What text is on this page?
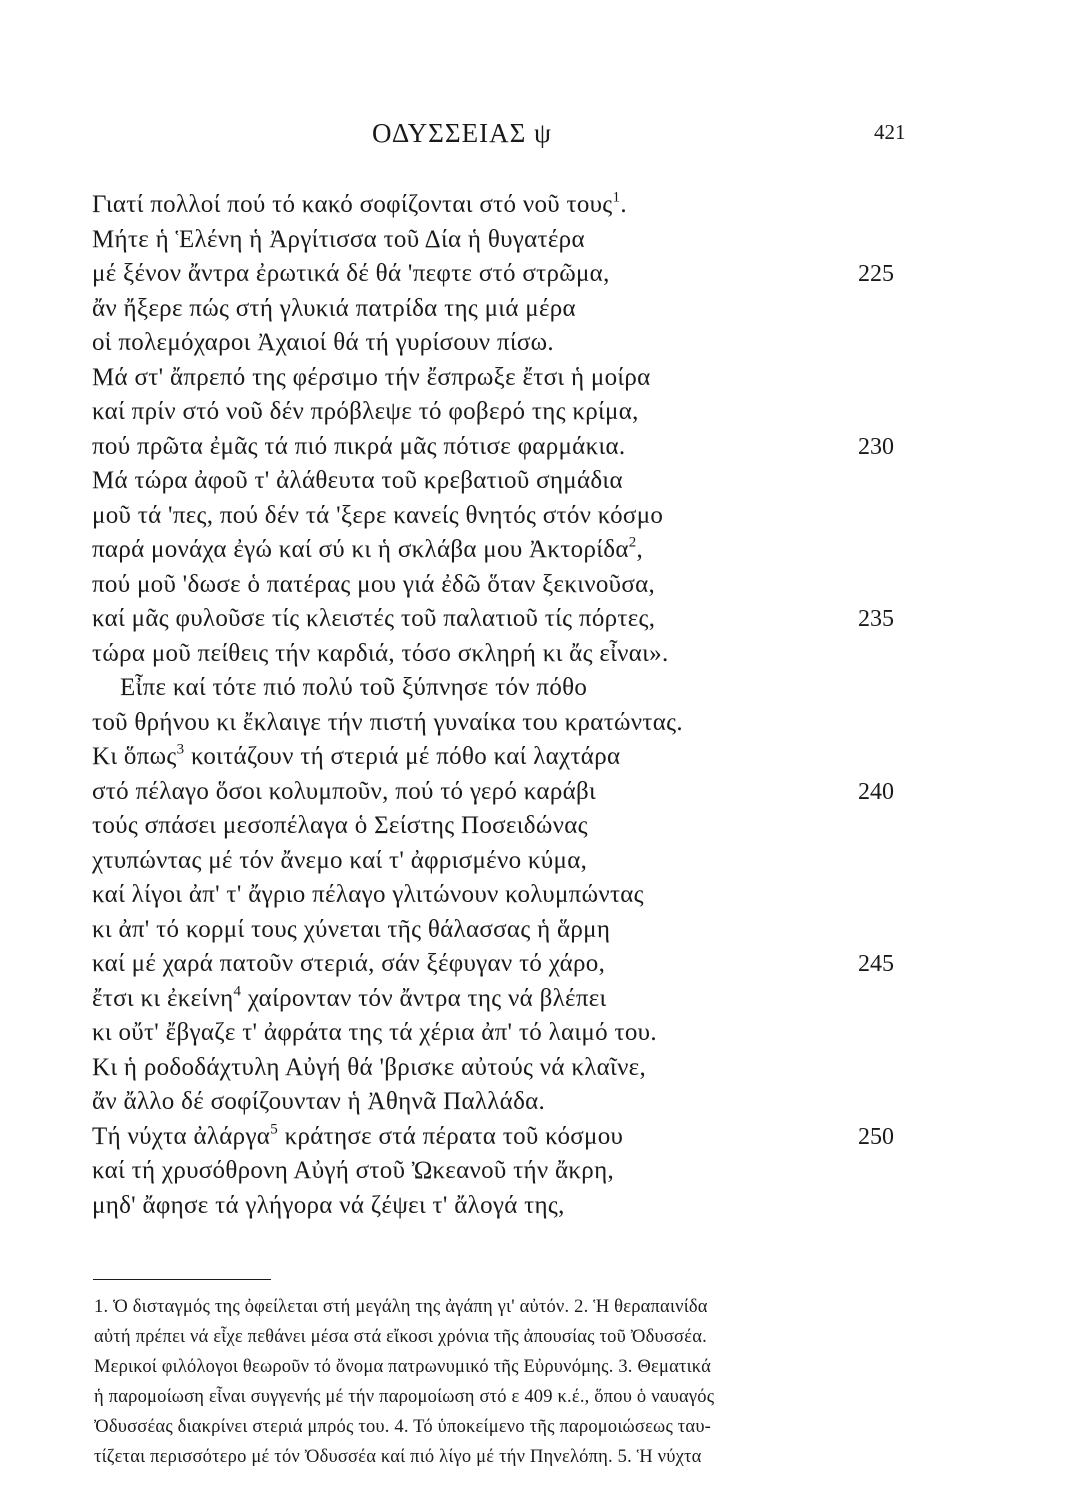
ΟΔΥΣΣΕΙΑΣ ψ	421
Γιατί πολλοί πού τό κακό σοφίζονται στό νοῦ τους$^1$.
Μήτε ἡ Ἑλένη ἡ Ἀργίτισσα τοῦ Δία ἡ θυγατέρα
μέ ξένον ἄντρα ἐρωτικά δέ θά 'πεφτε στό στρῶμα,	225
ἄν ἤξερε πώς στή γλυκιά πατρίδα της μιά μέρα
οἱ πολεμόχαροι Ἀχαιοί θά τή γυρίσουν πίσω.
Μά στ' ἄπρεπό της φέρσιμο τήν ἔσπρωξε ἔτσι ἡ μοίρα
καί πρίν στό νοῦ δέν πρόβλεψε τό φοβερό της κρίμα,
πού πρῶτα ἐμᾶς τά πιό πικρά μᾶς πότισε φαρμάκια.	230
Μά τώρα ἀφοῦ τ' ἀλάθευτα τοῦ κρεβατιοῦ σημάδια
μοῦ τά 'πες, πού δέν τά 'ξερε κανείς θνητός στόν κόσμο
παρά μονάχα ἐγώ καί σύ κι ἡ σκλάβα μου Ἀκτορίδα$^2$,
πού μοῦ 'δωσε ὁ πατέρας μου γιά ἐδῶ ὅταν ξεκινοῦσα,
καί μᾶς φυλοῦσε τίς κλειστές τοῦ παλατιοῦ τίς πόρτες,	235
τώρα μοῦ πείθεις τήν καρδιά, τόσο σκληρή κι ἄς εἶναι».
Εἶπε καί τότε πιό πολύ τοῦ ξύπνησε τόν πόθο
τοῦ θρήνου κι ἔκλαιγε τήν πιστή γυναίκα του κρατώντας.
Κι ὅπως$^3$ κοιτάζουν τή στεριά μέ πόθο καί λαχτάρα
στό πέλαγο ὅσοι κολυμποῦν, πού τό γερό καράβι	240
τούς σπάσει μεσοπέλαγα ὁ Σείστης Ποσειδώνας
χτυπώντας μέ τόν ἄνεμο καί τ' ἀφρισμένο κύμα,
καί λίγοι ἀπ' τ' ἄγριο πέλαγο γλιτώνουν κολυμπώντας
κι ἀπ' τό κορμί τους χύνεται τῆς θάλασσας ἡ ἅρμη
καί μέ χαρά πατοῦν στεριά, σάν ξέφυγαν τό χάρο,	245
ἔτσι κι ἐκείνη$^4$ χαίρονταν τόν ἄντρα της νά βλέπει
κι οὔτ' ἔβγαζε τ' ἀφράτα της τά χέρια ἀπ' τό λαιμό του.
Κι ἡ ροδοδάχτυλη Αὐγή θά 'βρισκε αὐτούς νά κλαῖνε,
ἄν ἄλλο δέ σοφίζουνταν ἡ Ἀθηνᾶ Παλλάδα.
Τή νύχτα ἀλάργα$^5$ κράτησε στά πέρατα τοῦ κόσμου	250
καί τή χρυσόθρονη Αὐγή στοῦ Ὠκεανοῦ τήν ἄκρη,
μηδ' ἄφησε τά γλήγορα νά ζέψει τ' ἄλογά της,
1. Ὁ δισταγμός της ὀφείλεται στή μεγάλη της ἀγάπη γι' αὐτόν. 2. Ἡ θεραπαινίδα
αὐτή πρέπει νά εἶχε πεθάνει μέσα στά εἴκοσι χρόνια τῆς ἀπουσίας τοῦ Ὀδυσσέα.
Μερικοί φιλόλογοι θεωροῦν τό ὄνομα πατρωνυμικό τῆς Εὐρυνόμης. 3. Θεματικά
ἡ παρομοίωση εἶναι συγγενής μέ τήν παρομοίωση στό ε 409 κ.έ., ὅπου ὁ ναυαγός
Ὀδυσσέας διακρίνει στεριά μπρός του. 4. Τό ὑποκείμενο τῆς παρομοιώσεως ταυ-
τίζεται περισσότερο μέ τόν Ὀδυσσέα καί πιό λίγο μέ τήν Πηνελόπη. 5. Ἡ νύχτα
